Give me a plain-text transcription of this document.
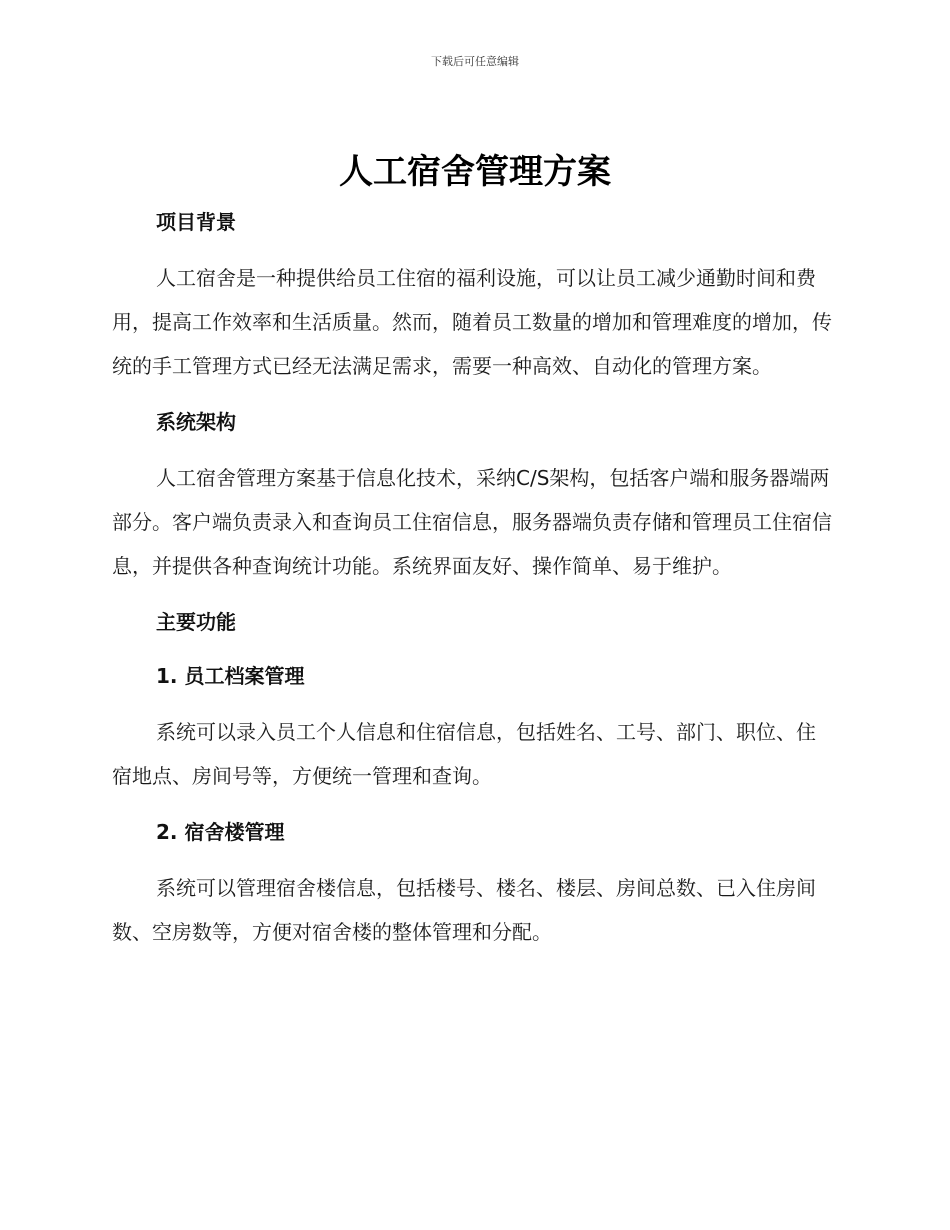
下载后可任意编辑
人工宿舍管理方案
项目背景

人工宿舍是一种提供给员工住宿的福利设施，可以让员工减少通勤时间和费用，提高工作效率和生活质量。然而，随着员工数量的增加和管理难度的增加，传统的手工管理方式已经无法满足需求，需要一种高效、自动化的管理方案。

系统架构

人工宿舍管理方案基于信息化技术，采纳C/S架构，包括客户端和服务器端两部分。客户端负责录入和查询员工住宿信息，服务器端负责存储和管理员工住宿信息，并提供各种查询统计功能。系统界面友好、操作简单、易于维护。

主要功能
1. 员工档案管理

系统可以录入员工个人信息和住宿信息，包括姓名、工号、部门、职位、住宿地点、房间号等，方便统一管理和查询。

2. 宿舍楼管理

系统可以管理宿舍楼信息，包括楼号、楼名、楼层、房间总数、已入住房间数、空房数等，方便对宿舍楼的整体管理和分配。
